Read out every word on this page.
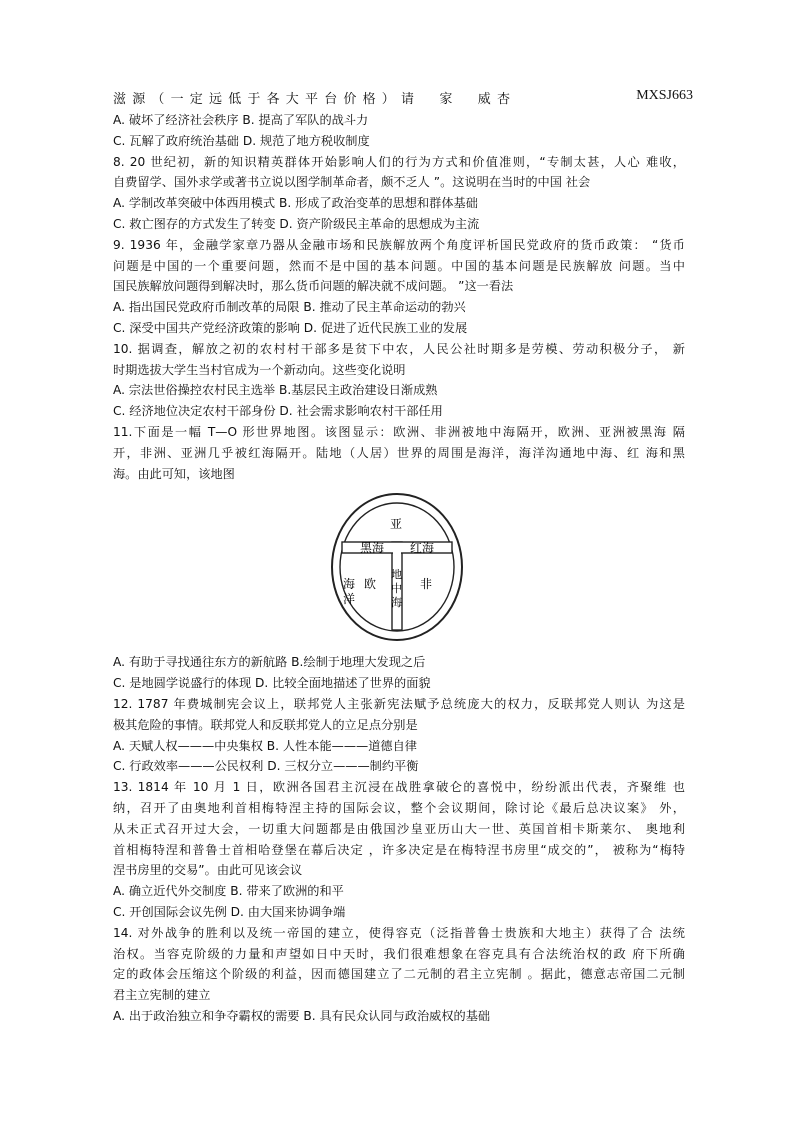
滋源（一定远低于各大平台价格）请　家　威杏	MXSJ663
A. 破坏了经济社会秩序 B. 提高了军队的战斗力
C. 瓦解了政府统治基础 D. 规范了地方税收制度
8. 20 世纪初，新的知识精英群体开始影响人们的行为方式和价值准则，“专制太甚，人心 难收，
自费留学、国外求学或著书立说以图学制革命者，颇不乏人 ”。这说明在当时的中国 社会
A. 学制改革突破中体西用模式 B. 形成了政治变革的思想和群体基础
C. 救亡图存的方式发生了转变 D. 资产阶级民主革命的思想成为主流
9. 1936 年，金融学家章乃器从金融市场和民族解放两个角度评析国民党政府的货币政策： “货币
问题是中国的一个重要问题，然而不是中国的基本问题。中国的基本问题是民族解放 问题。当中
国民族解放问题得到解决时，那么货币问题的解决就不成问题。 ”这一看法
A. 指出国民党政府币制改革的局限 B. 推动了民主革命运动的勃兴
C. 深受中国共产党经济政策的影响 D. 促进了近代民族工业的发展
10. 据调查，解放之初的农村村干部多是贫下中农，人民公社时期多是劳模、劳动积极分子， 新
时期选拔大学生当村官成为一个新动向。这些变化说明
A. 宗法世俗操控农村民主选举 B.基层民主政治建设日渐成熟
C. 经济地位决定农村干部身份 D. 社会需求影响农村干部任用
11.下面是一幅 T—O 形世界地图。该图显示：欧洲、非洲被地中海隔开，欧洲、亚洲被黑海 隔
开，非洲、亚洲几乎被红海隔开。陆地（人居）世界的周围是海洋，海洋沟通地中海、红 海和黑
海。由此可知，该地图
亚
黑海 红海
海
洋
欧
地
中
海
非
A. 有助于寻找通往东方的新航路 B.绘制于地理大发现之后
C. 是地圆学说盛行的体现 D. 比较全面地描述了世界的面貌
12. 1787 年费城制宪会议上，联邦党人主张新宪法赋予总统庞大的权力，反联邦党人则认 为这是
极其危险的事情。联邦党人和反联邦党人的立足点分别是
A. 天赋人权———中央集权 B. 人性本能———道德自律
C. 行政效率———公民权利 D. 三权分立———制约平衡
13. 1814 年 10 月 1 日，欧洲各国君主沉浸在战胜拿破仑的喜悦中，纷纷派出代表，齐聚维 也
纳，召开了由奥地利首相梅特涅主持的国际会议，整个会议期间，除讨论《最后总决议案》 外，
从未正式召开过大会，一切重大问题都是由俄国沙皇亚历山大一世、英国首相卡斯莱尔、 奥地利
首相梅特涅和普鲁士首相哈登堡在幕后决定 ，许多决定是在梅特涅书房里“成交的”， 被称为“梅特
涅书房里的交易”。由此可见该会议
A. 确立近代外交制度 B. 带来了欧洲的和平
C. 开创国际会议先例 D. 由大国来协调争端
14. 对外战争的胜利以及统一帝国的建立，使得容克（泛指普鲁士贵族和大地主）获得了合 法统
治权。当容克阶级的力量和声望如日中天时，我们很难想象在容克具有合法统治权的政 府下所确
定的政体会压缩这个阶级的利益，因而德国建立了二元制的君主立宪制 。据此，德意志帝国二元制
君主立宪制的建立
A. 出于政治独立和争夺霸权的需要 B. 具有民众认同与政治威权的基础
